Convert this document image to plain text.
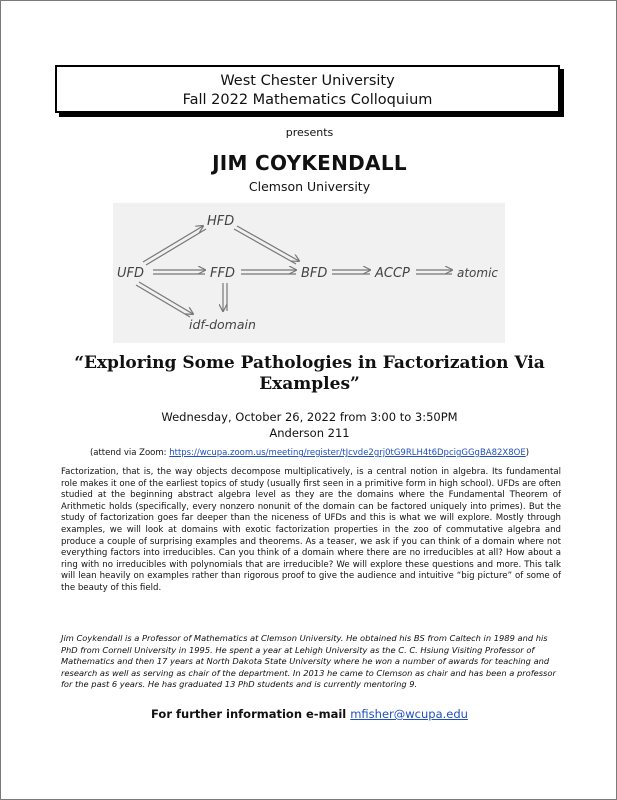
West Chester University
Fall 2022 Mathematics Colloquium
presents
JIM COYKENDALL
Clemson University
HFD
UFD	FFD	BFD	ACCP	atomic
idf-domain
“Exploring Some Pathologies in Factorization Via Examples”
Wednesday, October 26, 2022 from 3:00 to 3:50PM
Anderson 211
(attend via Zoom: https://wcupa.zoom.us/meeting/register/tJcvde2grj0tG9RLH4t6DpcigGGgBA82X8OE)
Factorization, that is, the way objects decompose multiplicatively, is a central notion in algebra. Its fundamental role makes it one of the earliest topics of study (usually first seen in a primitive form in high school). UFDs are often studied at the beginning abstract algebra level as they are the domains where the Fundamental Theorem of Arithmetic holds (specifically, every nonzero nonunit of the domain can be factored uniquely into primes). But the study of factorization goes far deeper than the niceness of UFDs and this is what we will explore. Mostly through examples, we will look at domains with exotic factorization properties in the zoo of commutative algebra and produce a couple of surprising examples and theorems. As a teaser, we ask if you can think of a domain where not everything factors into irreducibles. Can you think of a domain where there are no irreducibles at all? How about a ring with no irreducibles with polynomials that are irreducible? We will explore these questions and more. This talk will lean heavily on examples rather than rigorous proof to give the audience and intuitive “big picture” of some of the beauty of this field.
Jim Coykendall is a Professor of Mathematics at Clemson University. He obtained his BS from Caltech in 1989 and his PhD from Cornell University in 1995. He spent a year at Lehigh University as the C. C. Hsiung Visiting Professor of Mathematics and then 17 years at North Dakota State University where he won a number of awards for teaching and research as well as serving as chair of the department. In 2013 he came to Clemson as chair and has been a professor for the past 6 years. He has graduated 13 PhD students and is currently mentoring 9.
For further information e-mail mfisher@wcupa.edu
